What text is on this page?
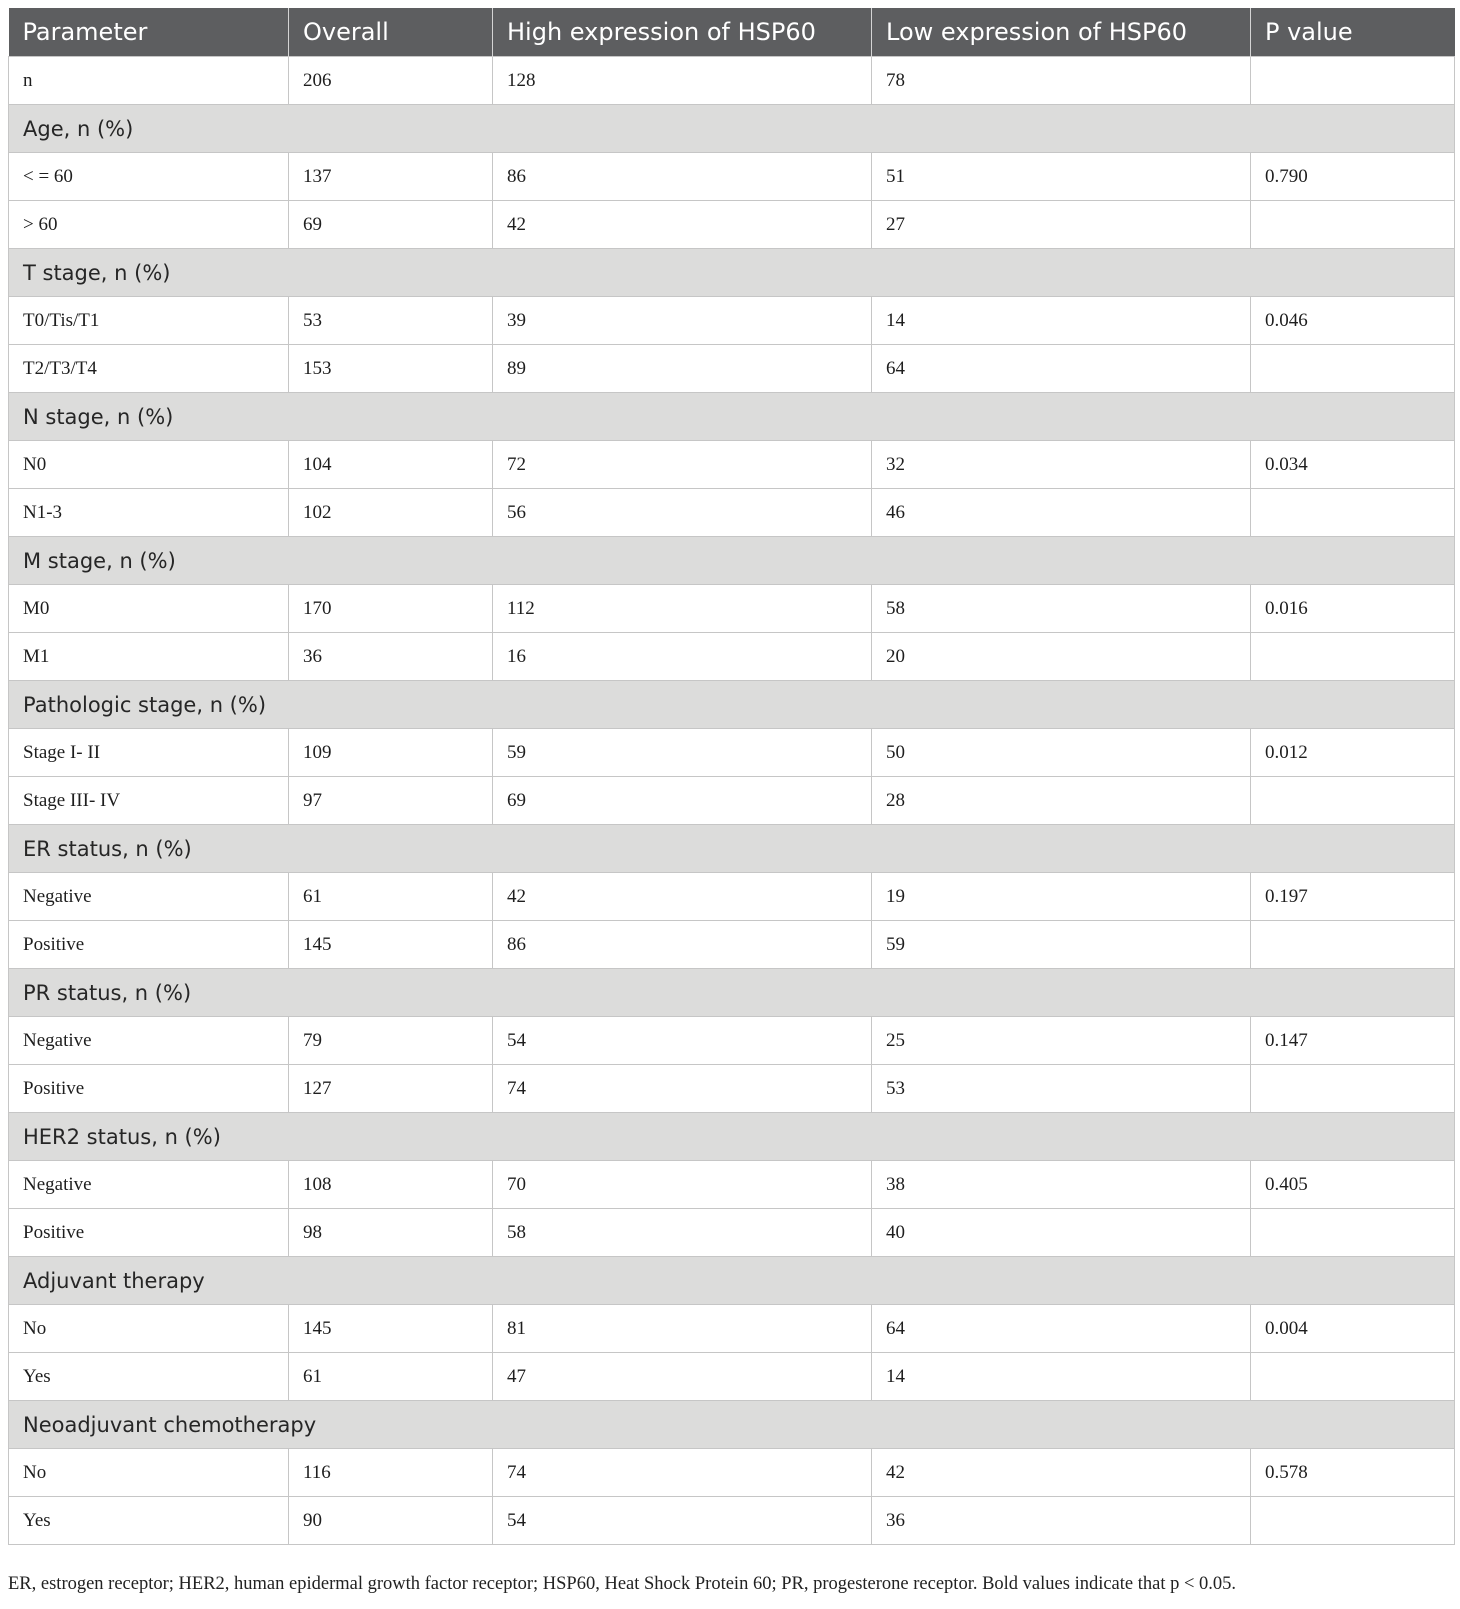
Parameter	Overall	High expression of HSP60	Low expression of HSP60	P value
n	206	128	78	
Age, n (%)				
< = 60	137	86	51	0.790
> 60	69	42	27	
T stage, n (%)				
T0/Tis/T1	53	39	14	0.046
T2/T3/T4	153	89	64	
N stage, n (%)				
N0	104	72	32	0.034
N1-3	102	56	46	
M stage, n (%)				
M0	170	112	58	0.016
M1	36	16	20	
Pathologic stage, n (%)				
Stage I- II	109	59	50	0.012
Stage III- IV	97	69	28	
ER status, n (%)				
Negative	61	42	19	0.197
Positive	145	86	59	
PR status, n (%)				
Negative	79	54	25	0.147
Positive	127	74	53	
HER2 status, n (%)				
Negative	108	70	38	0.405
Positive	98	58	40	
Adjuvant therapy				
No	145	81	64	0.004
Yes	61	47	14	
Neoadjuvant chemotherapy				
No	116	74	42	0.578
Yes	90	54	36	
ER, estrogen receptor; HER2, human epidermal growth factor receptor; HSP60, Heat Shock Protein 60; PR, progesterone receptor. Bold values indicate that p < 0.05.
